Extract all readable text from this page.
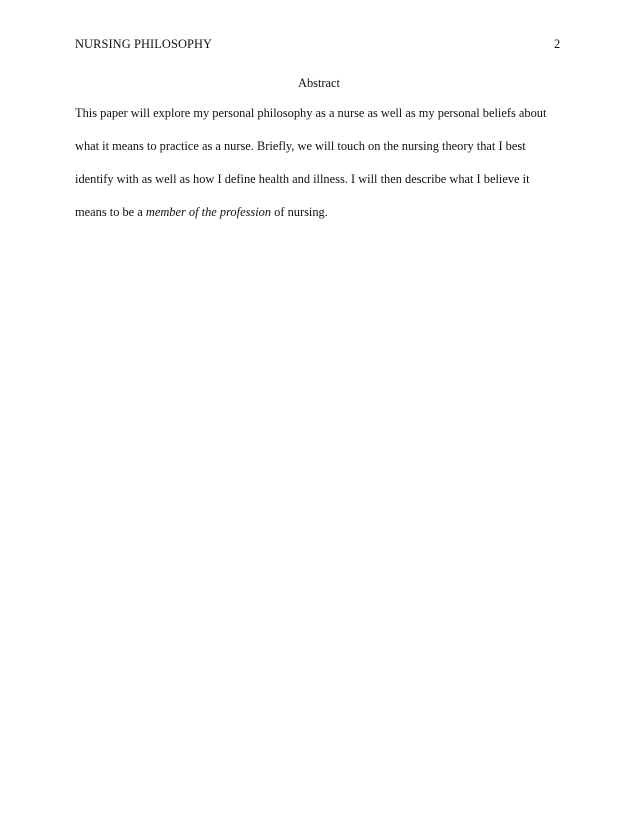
NURSING PHILOSOPHY	2
Abstract
This paper will explore my personal philosophy as a nurse as well as my personal beliefs about
what it means to practice as a nurse. Briefly, we will touch on the nursing theory that I best
identify with as well as how I define health and illness. I will then describe what I believe it
means to be a member of the profession of nursing.
